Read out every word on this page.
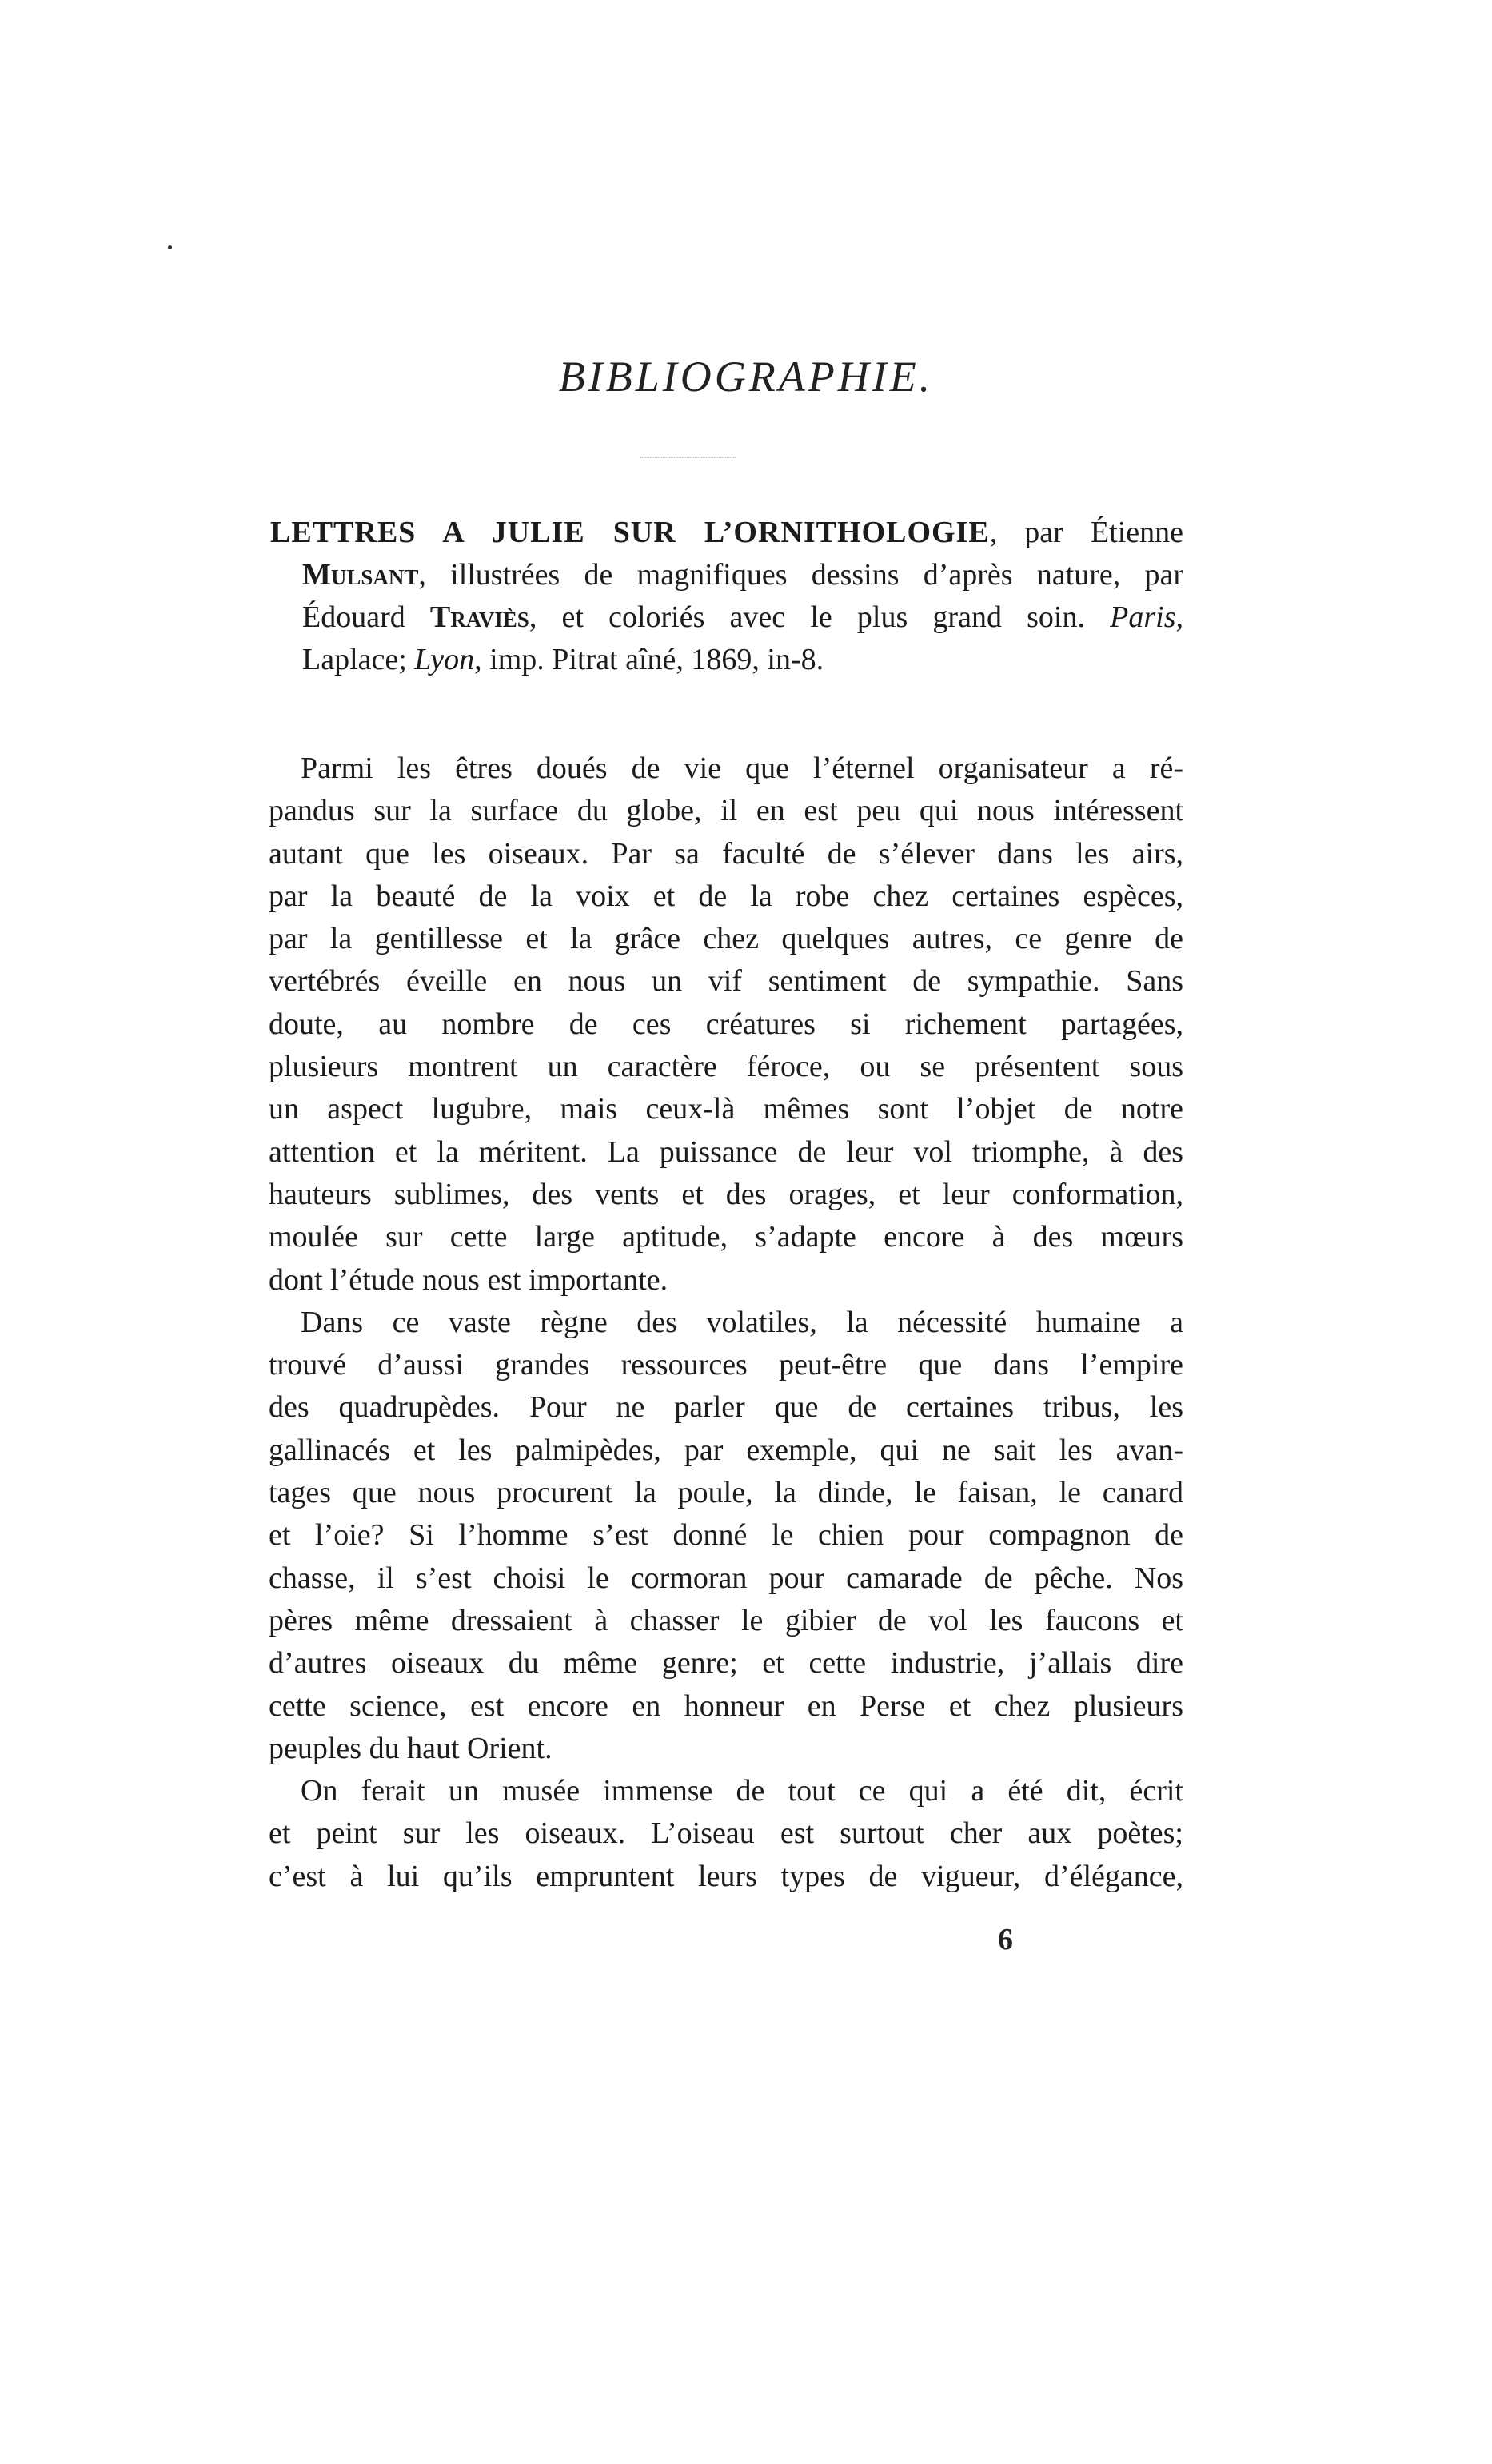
BIBLIOGRAPHIE.
LETTRES A JULIE SUR L’ORNITHOLOGIE, par Étienne
Mulsant, illustrées de magnifiques dessins d’après nature, par
Édouard Traviès, et coloriés avec le plus grand soin. Paris,
Laplace; Lyon, imp. Pitrat aîné, 1869, in-8.
Parmi les êtres doués de vie que l’éternel organisateur a ré-
pandus sur la surface du globe, il en est peu qui nous intéressent
autant que les oiseaux. Par sa faculté de s’élever dans les airs,
par la beauté de la voix et de la robe chez certaines espèces,
par la gentillesse et la grâce chez quelques autres, ce genre de
vertébrés éveille en nous un vif sentiment de sympathie. Sans
doute, au nombre de ces créatures si richement partagées,
plusieurs montrent un caractère féroce, ou se présentent sous
un aspect lugubre, mais ceux-là mêmes sont l’objet de notre
attention et la méritent. La puissance de leur vol triomphe, à des
hauteurs sublimes, des vents et des orages, et leur conformation,
moulée sur cette large aptitude, s’adapte encore à des mœurs
dont l’étude nous est importante.
Dans ce vaste règne des volatiles, la nécessité humaine a
trouvé d’aussi grandes ressources peut-être que dans l’empire
des quadrupèdes. Pour ne parler que de certaines tribus, les
gallinacés et les palmipèdes, par exemple, qui ne sait les avan-
tages que nous procurent la poule, la dinde, le faisan, le canard
et l’oie? Si l’homme s’est donné le chien pour compagnon de
chasse, il s’est choisi le cormoran pour camarade de pêche. Nos
pères même dressaient à chasser le gibier de vol les faucons et
d’autres oiseaux du même genre; et cette industrie, j’allais dire
cette science, est encore en honneur en Perse et chez plusieurs
peuples du haut Orient.
On ferait un musée immense de tout ce qui a été dit, écrit
et peint sur les oiseaux. L’oiseau est surtout cher aux poètes;
c’est à lui qu’ils empruntent leurs types de vigueur, d’élégance,
6
